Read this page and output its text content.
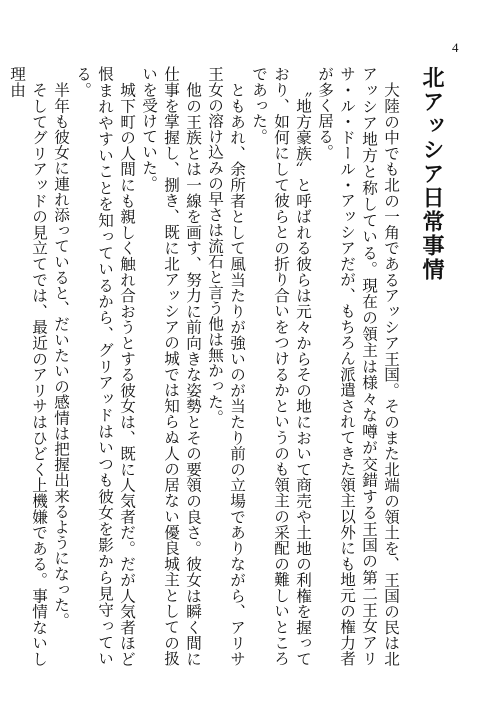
4
北アッシア日常事情

大陸の中でも北の一角であるアッシア王国。そのまた北端の領土を、王国の民は北アッシア地方と称している。現在の領主は様々な噂が交錯する王国の第二王女アリサ・ル・ドール・アッシアだが、もちろん派遣されてきた領主以外にも地元の権力者が多く居る。

〝地方豪族〟と呼ばれる彼らは元々からその地において商売や土地の利権を握っており、如何にして彼らとの折り合いをつけるかというのも領主の采配の難しいところであった。

ともあれ、余所者として風当たりが強いのが当たり前の立場でありながら、アリサ王女の溶け込みの早さは流石と言う他は無かった。

他の王族とは一線を画す、努力に前向きな姿勢とその要領の良さ。彼女は瞬く間に仕事を掌握し、捌き、既に北アッシアの城では知らぬ人の居ない優良城主としての扱いを受けていた。

城下町の人間にも親しく触れ合おうとする彼女は、既に人気者だ。だが人気者ほど恨まれやすいことを知っているから、グリアッドはいつも彼女を影から見守っている。

半年も彼女に連れ添っていると、だいたいの感情は把握出来るようになった。

そしてグリアッドの見立てでは、最近のアリサはひどく上機嫌である。事情ないし理由
